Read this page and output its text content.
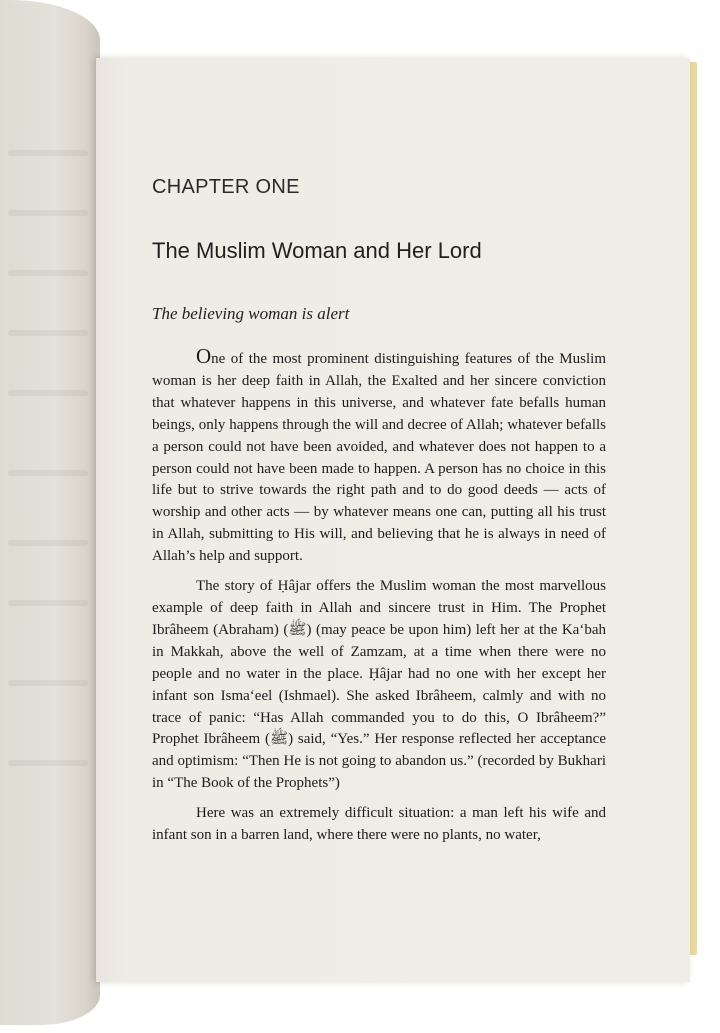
CHAPTER ONE
The Muslim Woman and Her Lord
The believing woman is alert

One of the most prominent distinguishing features of the Muslim woman is her deep faith in Allah, the Exalted and her sincere conviction that whatever happens in this universe, and whatever fate befalls human beings, only happens through the will and decree of Allah; whatever befalls a person could not have been avoided, and whatever does not happen to a person could not have been made to happen. A person has no choice in this life but to strive towards the right path and to do good deeds — acts of worship and other acts — by whatever means one can, putting all his trust in Allah, submitting to His will, and believing that he is always in need of Allah’s help and support.

The story of Ḥâjar offers the Muslim woman the most marvellous example of deep faith in Allah and sincere trust in Him. The Prophet Ibrâheem (Abraham) (ﷺ) (may peace be upon him) left her at the Ka‘bah in Makkah, above the well of Zamzam, at a time when there were no people and no water in the place. Ḥâjar had no one with her except her infant son Isma‘eel (Ishmael). She asked Ibrâheem, calmly and with no trace of panic: “Has Allah commanded you to do this, O Ibrâheem?” Prophet Ibrâheem (ﷺ) said, “Yes.” Her response reflected her acceptance and optimism: “Then He is not going to abandon us.” (recorded by Bukhari in “The Book of the Prophets”)

Here was an extremely difficult situation: a man left his wife and infant son in a barren land, where there were no plants, no water,
